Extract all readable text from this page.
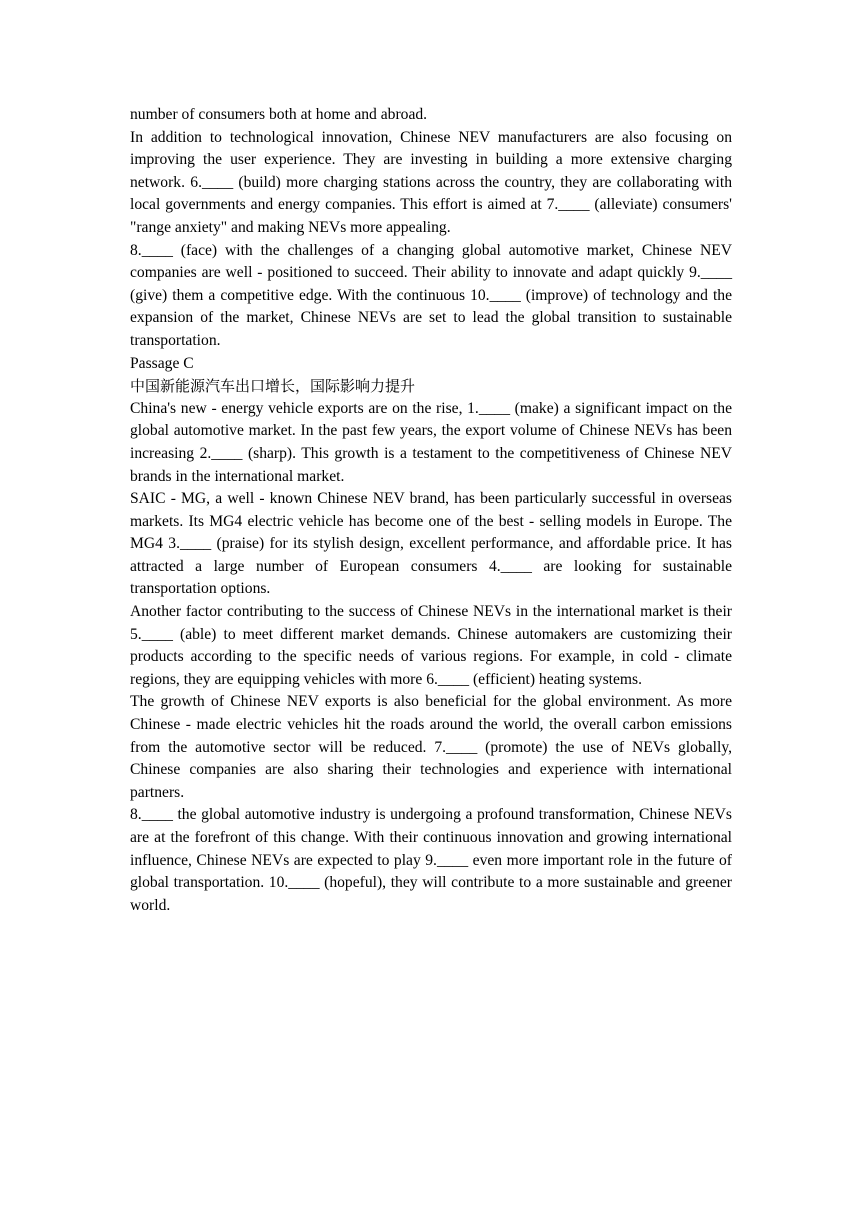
number of consumers both at home and abroad.

In addition to technological innovation, Chinese NEV manufacturers are also focusing on improving the user experience. They are investing in building a more extensive charging network. 6.____ (build) more charging stations across the country, they are collaborating with local governments and energy companies. This effort is aimed at 7.____ (alleviate) consumers' "range anxiety" and making NEVs more appealing.

8.____ (face) with the challenges of a changing global automotive market, Chinese NEV companies are well - positioned to succeed. Their ability to innovate and adapt quickly 9.____ (give) them a competitive edge. With the continuous 10.____ (improve) of technology and the expansion of the market, Chinese NEVs are set to lead the global transition to sustainable transportation.

Passage C

中国新能源汽车出口增长，国际影响力提升

China's new - energy vehicle exports are on the rise, 1.____ (make) a significant impact on the global automotive market. In the past few years, the export volume of Chinese NEVs has been increasing 2.____ (sharp). This growth is a testament to the competitiveness of Chinese NEV brands in the international market.

SAIC - MG, a well - known Chinese NEV brand, has been particularly successful in overseas markets. Its MG4 electric vehicle has become one of the best - selling models in Europe. The MG4 3.____ (praise) for its stylish design, excellent performance, and affordable price. It has attracted a large number of European consumers 4.____ are looking for sustainable transportation options.

Another factor contributing to the success of Chinese NEVs in the international market is their 5.____ (able) to meet different market demands. Chinese automakers are customizing their products according to the specific needs of various regions. For example, in cold - climate regions, they are equipping vehicles with more 6.____ (efficient) heating systems.

The growth of Chinese NEV exports is also beneficial for the global environment. As more Chinese - made electric vehicles hit the roads around the world, the overall carbon emissions from the automotive sector will be reduced. 7.____ (promote) the use of NEVs globally, Chinese companies are also sharing their technologies and experience with international partners.

8.____ the global automotive industry is undergoing a profound transformation, Chinese NEVs are at the forefront of this change. With their continuous innovation and growing international influence, Chinese NEVs are expected to play 9.____ even more important role in the future of global transportation. 10.____ (hopeful), they will contribute to a more sustainable and greener world.
